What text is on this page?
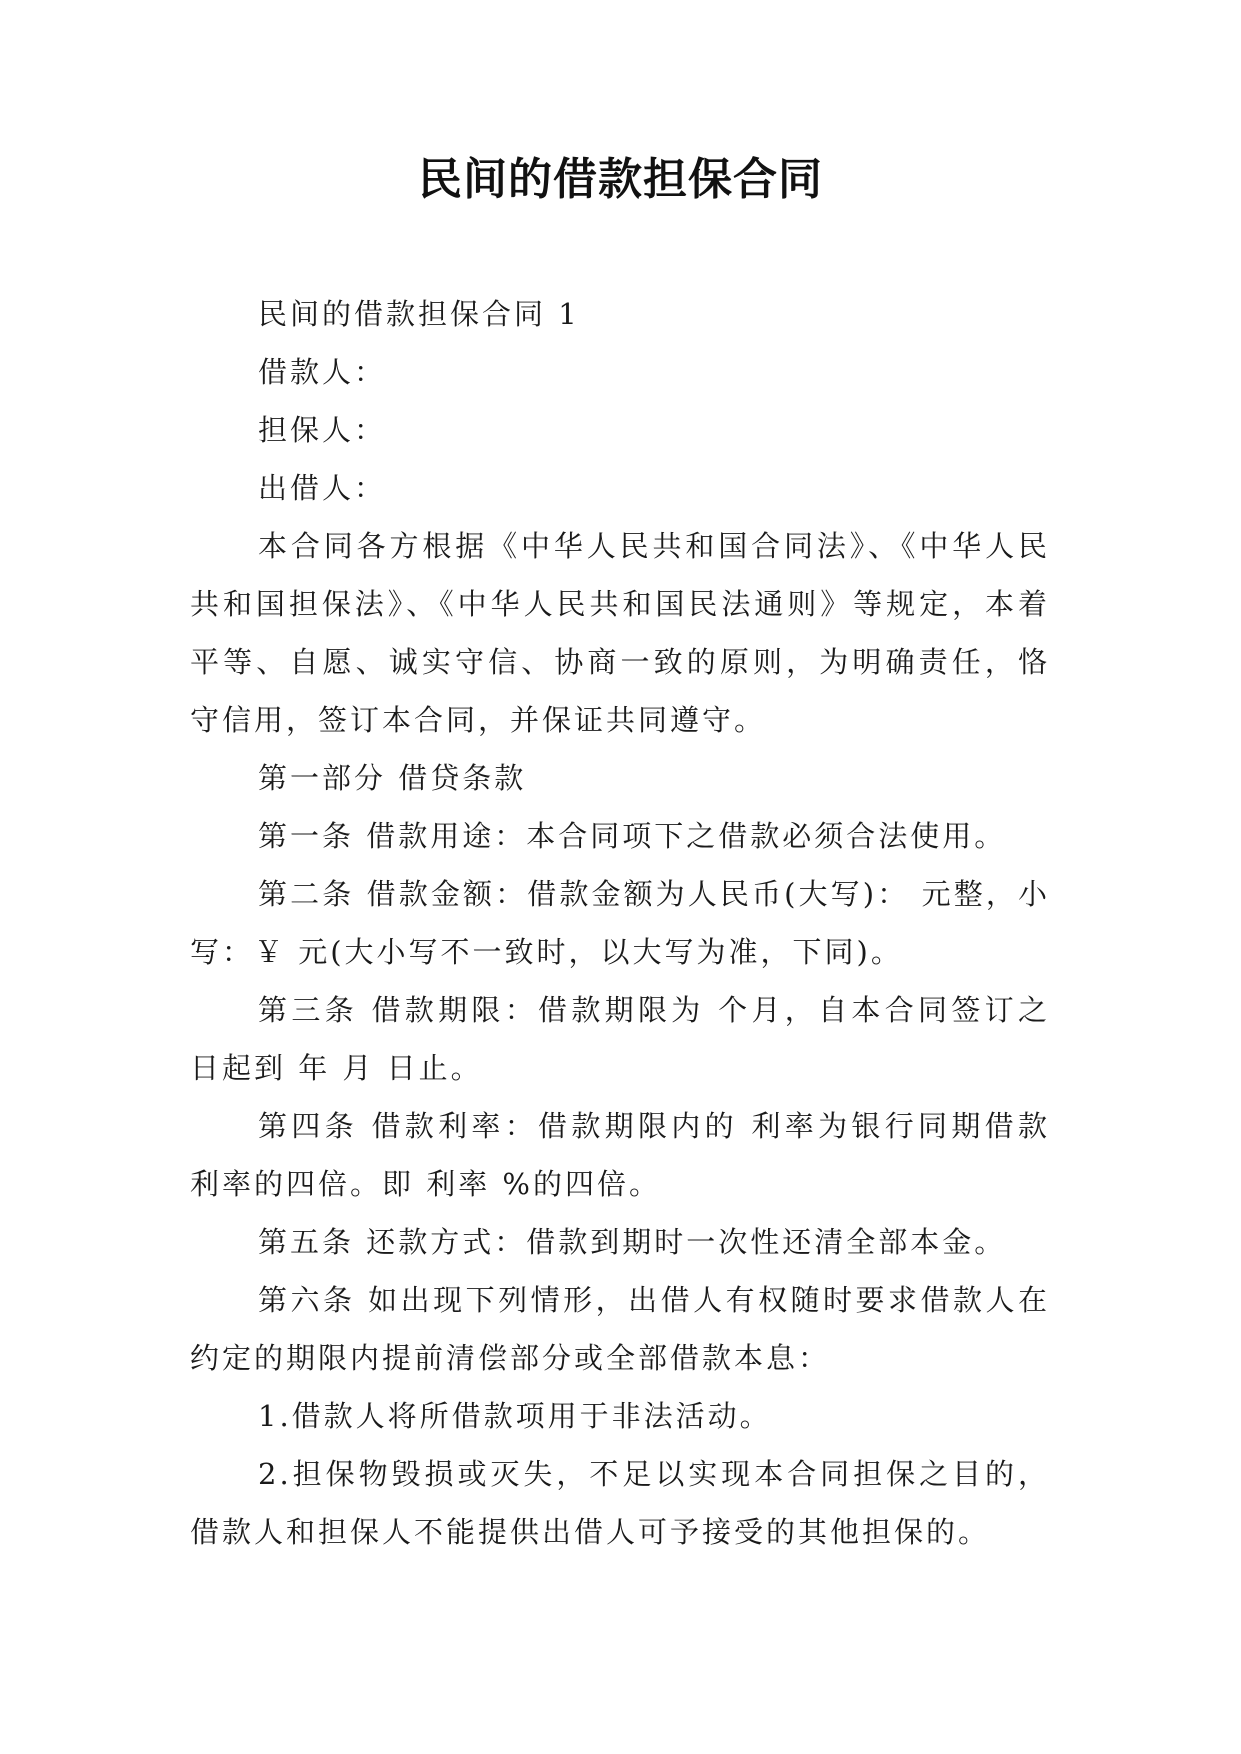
民间的借款担保合同

民间的借款担保合同 1

借款人：

担保人：

出借人：

本合同各方根据《中华人民共和国合同法》、《中华人民共和国担保法》、《中华人民共和国民法通则》等规定，本着平等、自愿、诚实守信、协商一致的原则，为明确责任，恪守信用，签订本合同，并保证共同遵守。

第一部分 借贷条款

第一条 借款用途：本合同项下之借款必须合法使用。

第二条 借款金额：借款金额为人民币(大写)： 元整，小写：￥ 元(大小写不一致时，以大写为准，下同)。

第三条 借款期限：借款期限为 个月，自本合同签订之日起到 年 月 日止。

第四条 借款利率：借款期限内的 利率为银行同期借款利率的四倍。即 利率 %的四倍。

第五条 还款方式：借款到期时一次性还清全部本金。

第六条 如出现下列情形，出借人有权随时要求借款人在约定的期限内提前清偿部分或全部借款本息：

1.借款人将所借款项用于非法活动。

2.担保物毁损或灭失，不足以实现本合同担保之目的，借款人和担保人不能提供出借人可予接受的其他担保的。
